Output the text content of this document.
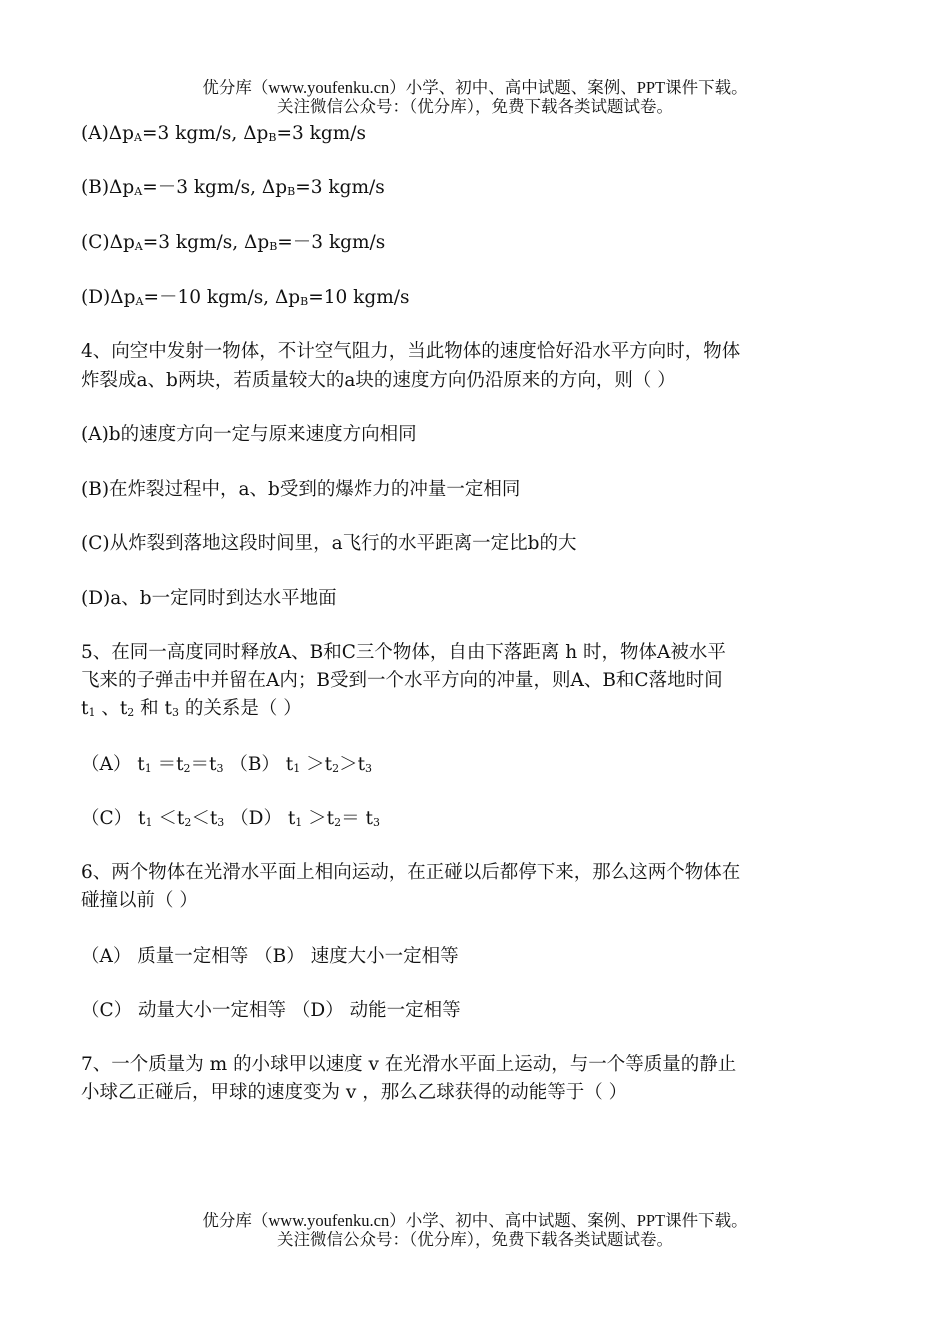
优分库（www.youfenku.cn）小学、初中、高中试题、案例、PPT课件下载。
关注微信公众号：（优分库），免费下载各类试题试卷。
$(A)\Delta p_A=3$ kgm/s, $\Delta p_B=3$ kgm/s
$(B)\Delta p_A=-3$ kgm/s, $\Delta p_B=3$ kgm/s
$(C)\Delta p_A=3$ kgm/s, $\Delta p_B=-3$ kgm/s
$(D)\Delta p_A=-10$ kgm/s, $\Delta p_B=10$ kgm/s
4、向空中发射一物体，不计空气阻力，当此物体的速度恰好沿水平方向时，物体
炸裂成a、b两块，若质量较大的a块的速度方向仍沿原来的方向，则（ ）
(A)b的速度方向一定与原来速度方向相同
(B)在炸裂过程中，a、b受到的爆炸力的冲量一定相同
(C)从炸裂到落地这段时间里，a飞行的水平距离一定比b的大
(D)a、b一定同时到达水平地面
5、在同一高度同时释放A、B和C三个物体，自由下落距离 h 时，物体A被水平
飞来的子弹击中并留在A内；B受到一个水平方向的冲量，则A、B和C落地时间
$t_1$ 、$t_2$ 和 $t_3$ 的关系是（ ）
（A） $t_1 =t_2=t_3$ （B） $t_1 >t_2>t_3$
（C） $t_1 <t_2<t_3$ （D） $t_1 >t_2= t_3$
6、两个物体在光滑水平面上相向运动，在正碰以后都停下来，那么这两个物体在
碰撞以前（ ）
（A） 质量一定相等 （B） 速度大小一定相等
（C） 动量大小一定相等 （D） 动能一定相等
7、一个质量为 m 的小球甲以速度 v 在光滑水平面上运动，与一个等质量的静止
小球乙正碰后，甲球的速度变为 v ，那么乙球获得的动能等于（ ）
优分库（www.youfenku.cn）小学、初中、高中试题、案例、PPT课件下载。
关注微信公众号：（优分库），免费下载各类试题试卷。
